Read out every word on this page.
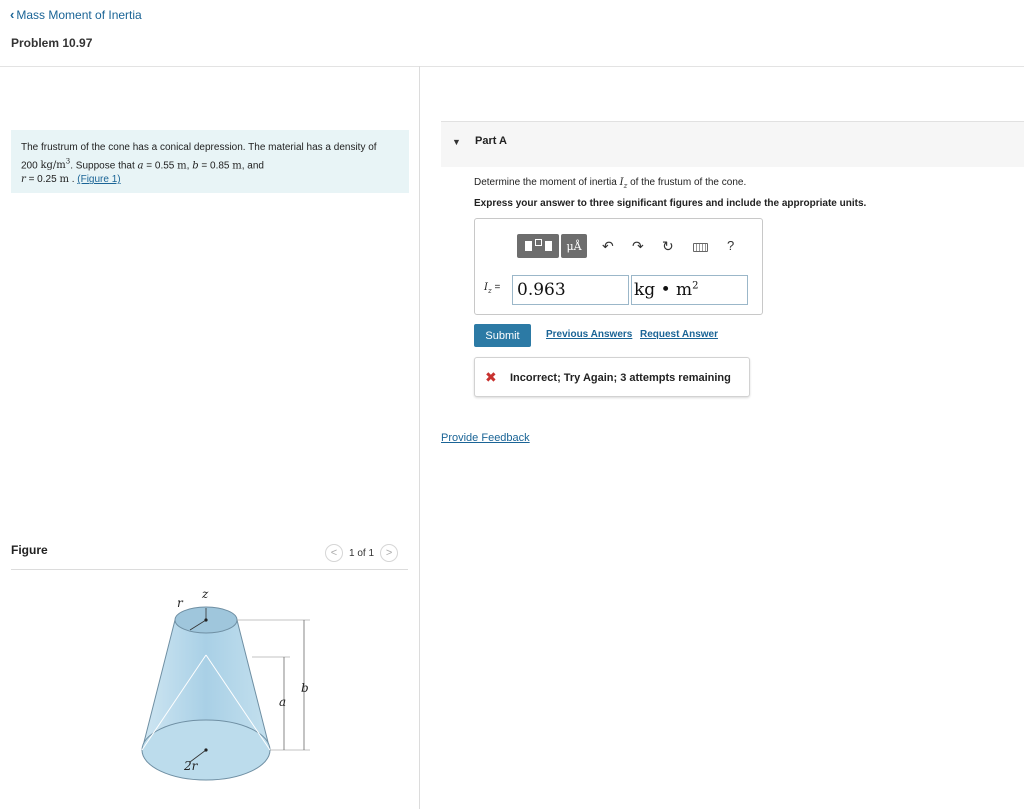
‹ Mass Moment of Inertia
Problem 10.97
The frustrum of the cone has a conical depression. The material has a density of
200 $kg/m^3$. Suppose that a = 0.55 m, b = 0.85 m, and
r = 0.25 m . (Figure 1)
Figure	<	1 of 1	>
z
r
a
b
2r
▼ Part A
Determine the moment of inertia $I_z$ of the frustum of the cone.
Express your answer to three significant figures and include the appropriate units.
μÅ	↶ ↷ ↻	?
$I_z = 0.963$	kg • $m^2$
Submit	Previous Answers Request Answer
✖ Incorrect; Try Again; 3 attempts remaining
Provide Feedback
